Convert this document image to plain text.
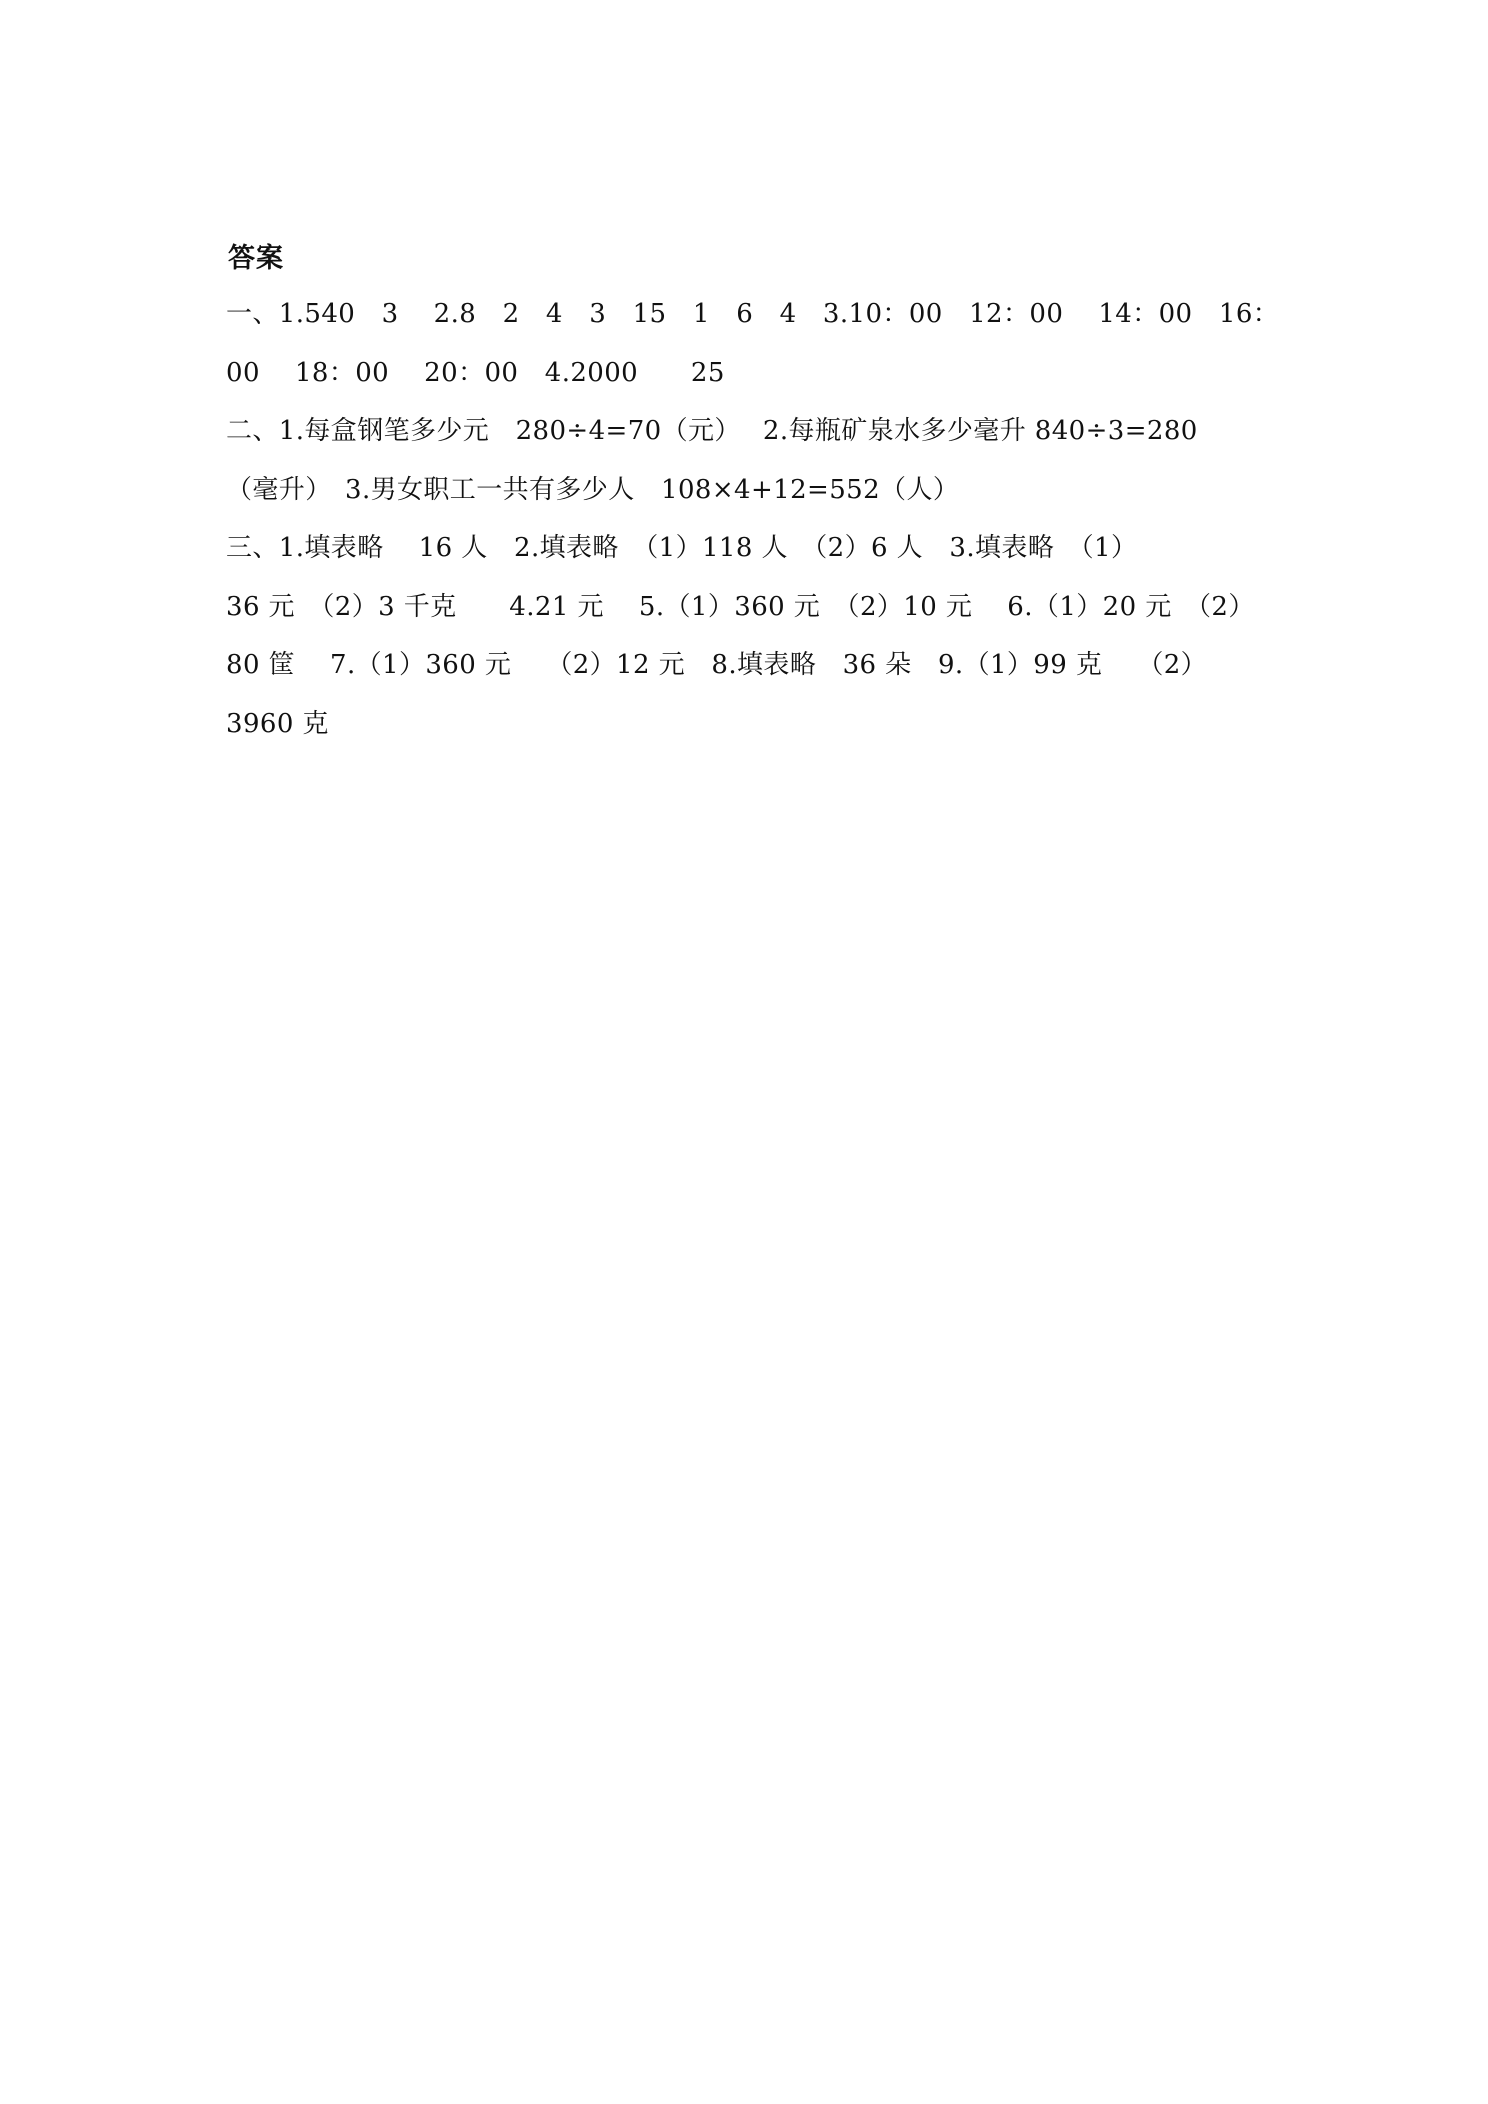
答案
一、1.540　3　 2.8　2　4　3　15　1　6　4　3.10：00　12：00　 14：00　16：
00　 18：00　 20：00　4.2000　　25
二、1.每盒钢笔多少元　280÷4=70（元）　 2.每瓶矿泉水多少毫升 840÷3=280
（毫升）　3.男女职工一共有多少人　108×4+12=552（人）
三、1.填表略　 16 人　2.填表略　（1）118 人　（2）6 人　3.填表略　（1）
36 元　（2）3 千克　　4.21 元　 5.（1）360 元　（2）10 元　 6.（1）20 元　（2）
80 筐　 7.（1）360 元　 （2）12 元　8.填表略　36 朵　9.（1）99 克　 （2）
3960 克
